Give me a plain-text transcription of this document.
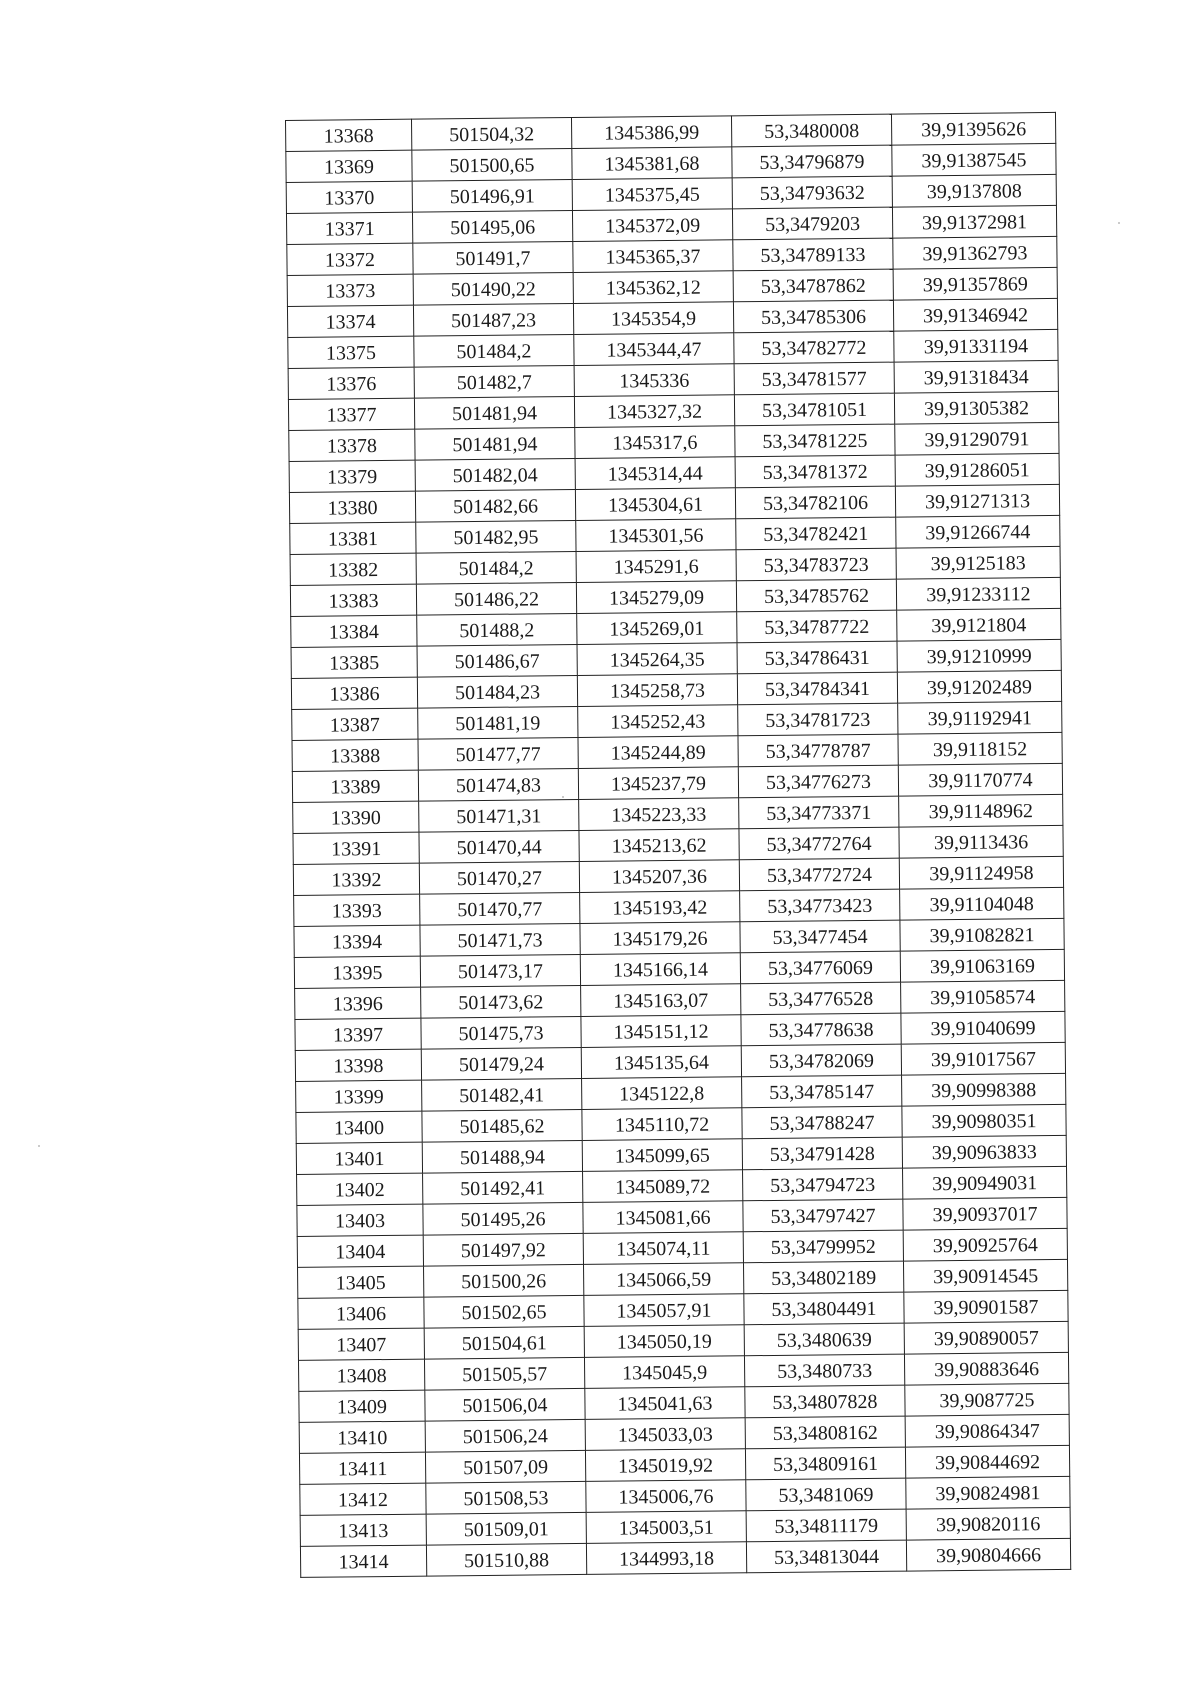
13368	501504,32	1345386,99	53,3480008	39,91395626
13369	501500,65	1345381,68	53,34796879	39,91387545
13370	501496,91	1345375,45	53,34793632	39,9137808
13371	501495,06	1345372,09	53,3479203	39,91372981
13372	501491,7	1345365,37	53,34789133	39,91362793
13373	501490,22	1345362,12	53,34787862	39,91357869
13374	501487,23	1345354,9	53,34785306	39,91346942
13375	501484,2	1345344,47	53,34782772	39,91331194
13376	501482,7	1345336	53,34781577	39,91318434
13377	501481,94	1345327,32	53,34781051	39,91305382
13378	501481,94	1345317,6	53,34781225	39,91290791
13379	501482,04	1345314,44	53,34781372	39,91286051
13380	501482,66	1345304,61	53,34782106	39,91271313
13381	501482,95	1345301,56	53,34782421	39,91266744
13382	501484,2	1345291,6	53,34783723	39,9125183
13383	501486,22	1345279,09	53,34785762	39,91233112
13384	501488,2	1345269,01	53,34787722	39,9121804
13385	501486,67	1345264,35	53,34786431	39,91210999
13386	501484,23	1345258,73	53,34784341	39,91202489
13387	501481,19	1345252,43	53,34781723	39,91192941
13388	501477,77	1345244,89	53,34778787	39,9118152
13389	501474,83	1345237,79	53,34776273	39,91170774
13390	501471,31	1345223,33	53,34773371	39,91148962
13391	501470,44	1345213,62	53,34772764	39,9113436
13392	501470,27	1345207,36	53,34772724	39,91124958
13393	501470,77	1345193,42	53,34773423	39,91104048
13394	501471,73	1345179,26	53,3477454	39,91082821
13395	501473,17	1345166,14	53,34776069	39,91063169
13396	501473,62	1345163,07	53,34776528	39,91058574
13397	501475,73	1345151,12	53,34778638	39,91040699
13398	501479,24	1345135,64	53,34782069	39,91017567
13399	501482,41	1345122,8	53,34785147	39,90998388
13400	501485,62	1345110,72	53,34788247	39,90980351
13401	501488,94	1345099,65	53,34791428	39,90963833
13402	501492,41	1345089,72	53,34794723	39,90949031
13403	501495,26	1345081,66	53,34797427	39,90937017
13404	501497,92	1345074,11	53,34799952	39,90925764
13405	501500,26	1345066,59	53,34802189	39,90914545
13406	501502,65	1345057,91	53,34804491	39,90901587
13407	501504,61	1345050,19	53,3480639	39,90890057
13408	501505,57	1345045,9	53,3480733	39,90883646
13409	501506,04	1345041,63	53,34807828	39,9087725
13410	501506,24	1345033,03	53,34808162	39,90864347
13411	501507,09	1345019,92	53,34809161	39,90844692
13412	501508,53	1345006,76	53,3481069	39,90824981
13413	501509,01	1345003,51	53,34811179	39,90820116
13414	501510,88	1344993,18	53,34813044	39,90804666
